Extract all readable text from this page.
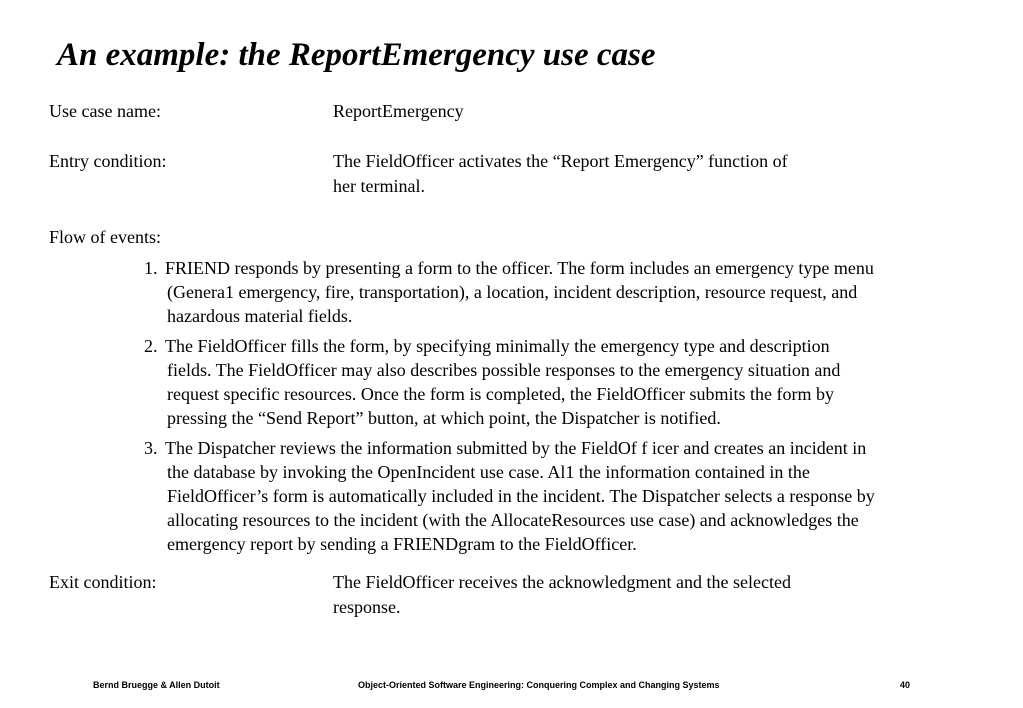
An example: the ReportEmergency use case
Use case name:	ReportEmergency
Entry condition:	The FieldOfficer activates the “Report Emergency” function of
her terminal.
Flow of events:
1. FRIEND responds by presenting a form to the officer. The form includes an emergency type menu
(Genera1 emergency, fire, transportation), a location, incident description, resource request, and
hazardous material fields.
2. The FieldOfficer fills the form, by specifying minimally the emergency type and description
fields. The FieldOfficer may also describes possible responses to the emergency situation and
request specific resources. Once the form is completed, the FieldOfficer submits the form by
pressing the “Send Report” button, at which point, the Dispatcher is notified.
3. The Dispatcher reviews the information submitted by the FieldOf f icer and creates an incident in
the database by invoking the OpenIncident use case. Al1 the information contained in the
FieldOfficer’s form is automatically included in the incident. The Dispatcher selects a response by
allocating resources to the incident (with the AllocateResources use case) and acknowledges the
emergency report by sending a FRIENDgram to the FieldOfficer.
Exit condition:	The FieldOfficer receives the acknowledgment and the selected
response.
Bernd Bruegge & Allen Dutoit	Object-Oriented Software Engineering: Conquering Complex and Changing Systems	40
